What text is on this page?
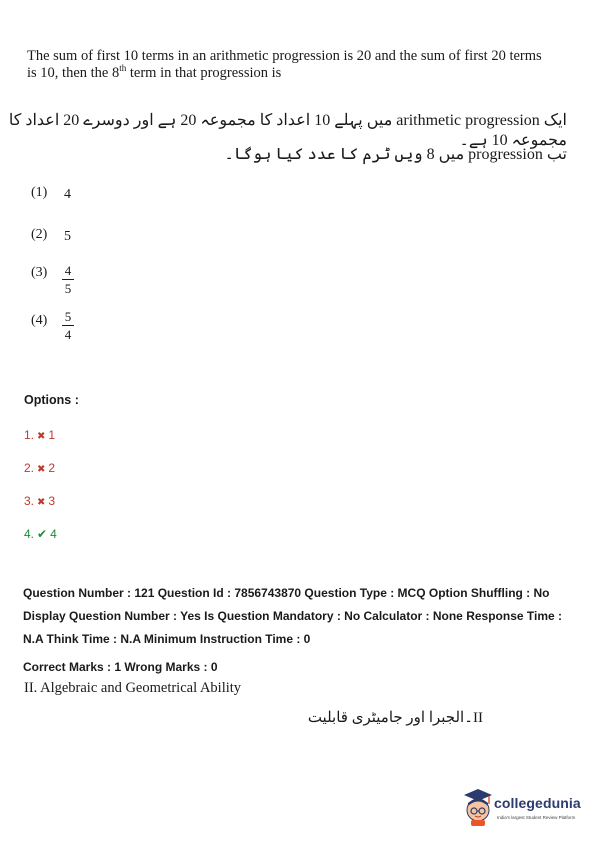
The sum of first 10 terms in an arithmetic progression is 20 and the sum of first 20 terms is 10, then the 8th term in that progression is
ایک arithmetic progression میں پہلے 10 اعداد کا مجموعہ 20 ہے اور دوسرے 20 اعداد کا مجموعہ 10 ہے۔
تب progression میں 8 ویں ٹرم کا عدد کیا ہوگا۔
(1) 4
(2) 5
(3) 4
5
(4) 5
4
Options :
1. ✖ 1
2. ✖ 2
3. ✖ 3
4. ✔ 4
Question Number : 121 Question Id : 7856743870 Question Type : MCQ Option Shuffling : No Display Question Number : Yes Is Question Mandatory : No Calculator : None Response Time : N.A Think Time : N.A Minimum Instruction Time : 0
Correct Marks : 1 Wrong Marks : 0
II. Algebraic and Geometrical Ability
II۔الجبرا اور جامیٹری قابلیت
collegedunia
India's largest Student Review Platform
